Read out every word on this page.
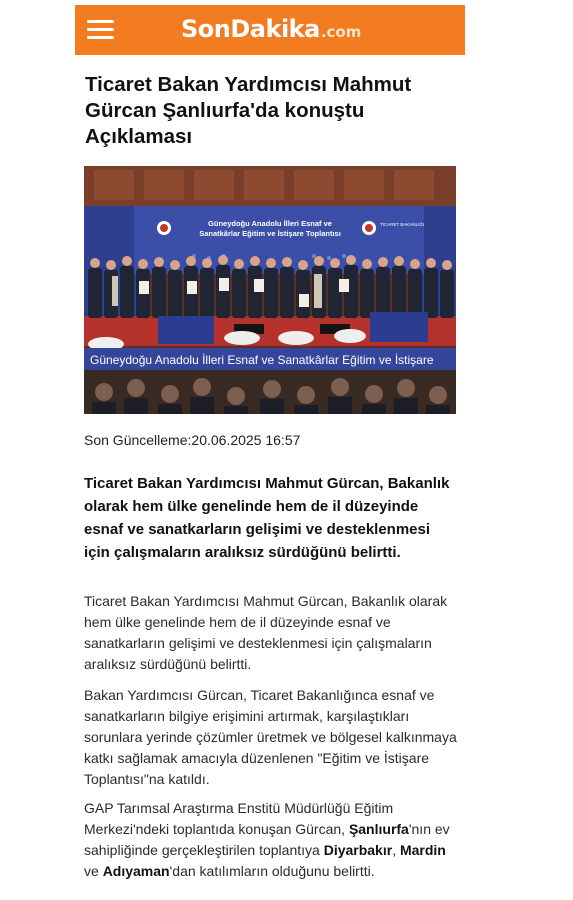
SonDakika .com
Ticaret Bakan Yardımcısı Mahmut Gürcan Şanlıurfa'da konuştu Açıklaması
TİCARET BAKANLIĞI
Güneydoğu Anadolu İlleri Esnaf ve
Sanatkârlar Eğitim ve İstişare Toplantısı
Güneydoğu Anadolu İlleri Esnaf ve Sanatkârlar Eğitim ve İstişare
Son Güncelleme:20.06.2025 16:57

Ticaret Bakan Yardımcısı Mahmut Gürcan, Bakanlık olarak hem ülke genelinde hem de il düzeyinde esnaf ve sanatkarların gelişimi ve desteklenmesi için çalışmaların aralıksız sürdüğünü belirtti.

Ticaret Bakan Yardımcısı Mahmut Gürcan, Bakanlık olarak hem ülke genelinde hem de il düzeyinde esnaf ve sanatkarların gelişimi ve desteklenmesi için çalışmaların aralıksız sürdüğünü belirtti.

Bakan Yardımcısı Gürcan, Ticaret Bakanlığınca esnaf ve sanatkarların bilgiye erişimini artırmak, karşılaştıkları sorunlara yerinde çözümler üretmek ve bölgesel kalkınmaya katkı sağlamak amacıyla düzenlenen "Eğitim ve İstişare Toplantısı"na katıldı.

GAP Tarımsal Araştırma Enstitü Müdürlüğü Eğitim Merkezi'ndeki toplantıda konuşan Gürcan, Şanlıurfa'nın ev sahipliğinde gerçekleştirilen toplantıya Diyarbakır, Mardin ve Adıyaman'dan katılımların olduğunu belirtti.
